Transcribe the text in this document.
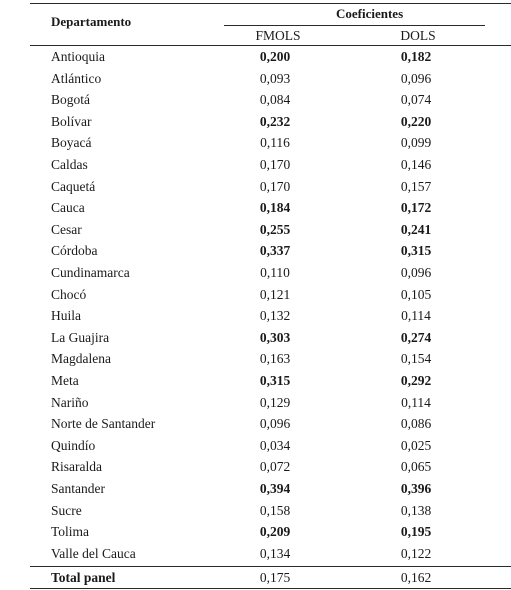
Departamento
Coeficientes
FMOLS	DOLS
Antioquia	0,200	0,182
Atlántico	0,093	0,096
Bogotá	0,084	0,074
Bolívar	0,232	0,220
Boyacá	0,116	0,099
Caldas	0,170	0,146
Caquetá	0,170	0,157
Cauca	0,184	0,172
Cesar	0,255	0,241
Córdoba	0,337	0,315
Cundinamarca	0,110	0,096
Chocó	0,121	0,105
Huila	0,132	0,114
La Guajira	0,303	0,274
Magdalena	0,163	0,154
Meta	0,315	0,292
Nariño	0,129	0,114
Norte de Santander	0,096	0,086
Quindío	0,034	0,025
Risaralda	0,072	0,065
Santander	0,394	0,396
Sucre	0,158	0,138
Tolima	0,209	0,195
Valle del Cauca	0,134	0,122
Total panel	0,175	0,162
